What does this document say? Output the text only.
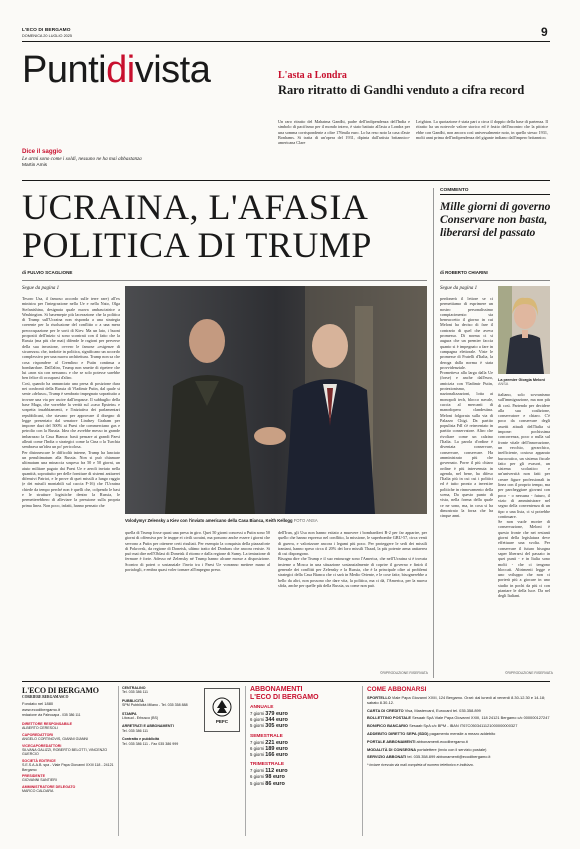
L'ECO DI BERGAMO
DOMENICA 20 LUGLIO 2025	9
Puntidivista
Dice il saggio
Le armi sono come i soldi, nessuno ne ha mai abbastanza
Martin Amis
L'asta a Londra
Raro ritratto di Gandhi venduto a cifra record
Un raro ritratto del Mahatma Gandhi, padre dell'indipendenza dell'India e simbolo di pacifismo per il mondo intero, è stato battuto all'asta a Londra per una somma corrispondente a oltre 176mila euro. Lo ha reso noto la casa d'aste Bonhams. Si tratta di un'opera del 1931, dipinta dall'artista britannico-americana Clare
Leighton. La quotazione è stata pari a circa il doppio della base di partenza. Il ritratto ha un notevole valore storico ed è frutto dell'incontro che la pittrice ebbe con Gandhi, non ancora così universalmente noto, in quello stesso 1931, molti anni prima dell'indipendenza del gigante indiano dall'impero britannico.
UCRAINA, L'AFASIA
POLITICA DI TRUMP
di FULVIO SCAGLIONE
Segue da pagina 1
Tesoro Usa, il famoso accordo sulle terre rare) all'ex ministra per l'integrazione nella Ue e nella Nato, Olga Stefanishina, designata quale nuova ambasciatrice a Washington. Si basemepie più lacerazione che la politica di Trump sull'Ucraina non risponda a una strategia coerente per la risoluzione del conflitto o a una mera preoccupazione per le sorti di Kiev. Ma un lato, i buoni propositi dell'inizio si sono scontrati con il fatto che la Russia (ma più che mai) difende le ragioni per perverse della sua invasione, ovvero le famose «esigenze di sicurezza» che, tradotte in politica, significano un accordo complessivo per una nuova architettura. Trump non sa che cosa rispondere al Cremlino e Putin continua a bombardare. Dall'altro, Trump non smette di ripetere che lui «non sta con nessuno» e che se solo potesse sarebbe ben felice di occuparsi d'altro.
Così, quando ha annunciato una presa di posizione dura nei confronti della Russia di Vladimir Putin, dal quale si sente «deluso», Trump è sembrato impegnato soprattutto a trovare una via per uscire dall'impasse. Il subbuglio della base Maga, che vorrebbe la verità sul «caso Epstein» e sospetta insabbiamenti, e l'iniziativa dei parlamentari repubblicani, che stavano per approvare il disegno di legge presentato dal senatore Lindsey Graham per imporre dazi del 500% ai Paesi che commerciano gas e petrolio con la Russia. Idea che avrebbe messo in grande imbarazzo la Casa Bianca: basti pensare ai grandi Paesi alleati come l'India o strategici come la Cina o la Turchia sembrava un'idea un po' pericolosa.
Per disinnescare le difficoltà interne, Trump ha lanciato un penultimatum alla Russia. Non si può chiamare ultimatum una minaccia sospesa fra 50 e 50 giorni, un aiuto militare pagato dai Paesi Ue e aeroli inviato nella quantità, soprattutto per delle forniture di sistemi antiaerei difensivi Patriot, e le prove di quei missili a lungo raggio (e dei missili montabili sul caccia F-16) che l'Ucraina chiede da tempo perché non è quelli che, colpendo le basi e le strutture logistiche dentro la Russia, le permetterebbero di alleviare la pressione sulla propria prima linea. Non poco, infatti, hanno pensato che
Volodymyr Zelensky a Kiev con l'inviato americano della Casa Bianca, Keith Kellogg FOTO ANSA
quella di Trump fosse quasi una presa in giro. Quei 50 giorni concessi a Putin sono 50 giorni di offensiva per le truppe ei civili ucraini, ma possono anche essere i giorni che servono a Putin per ottenere certi risultati. Per esempio la conquista della piazzaforte di Pokrovsk, da regione di Donetsk, ultimo tratto del Donbass che ancora resiste. Si può mai dire nell'Oblast di Donetsk il ritorno e dalla regione di Sumy. La tentazione di fermare è forte. Adesso né Zelensky né Trump hanno alcune mosse a disposizione. Scontro di poteri o sostanziale l'invio tra i Paesi Ue vorranno mettere mano al portafogli, e embra quasi voler tornare all'impegno preso.
dell'Iran, gli Usa non hanno esitato a muovere i bombardieri B-2 per far apparire, per quello che hanno espresso nel conflitto, la missione, le superbombe GBU-57, circa venti di guerra, e valorizzare ancora i legami più poco. Per proteggere le sedi dei missili iraniani, hanno speso circa il 20% dei loro missili Thaad, la più potente arma antiaerea di cui dispongono.
Bisogna dire che Trump e il suo entourage sono l'America, che nell'Ucraina si è trovata insieme a Mosca in una situazione sostanzialmente di coprire il governo e finirà il generale dei conflitti per Zelensky e la Russia, che è la principale oltre ai problemi strategici della Casa Bianca che ci sarà in Medio Oriente, e le cose fatte, bisognerebbe a bello da altri, non possono che dare vita, la politica, ma ci dà, l'America, per la nuova sfida, anche per quelle più della Russia, su come non può.
©RIPRODUZIONE RISERVATA
COMMENTO
Mille giorni di governo Conservare non basta, liberarsi del passato
di ROBERTO CHIARINI
Segue da pagina 1
perdonerà il lettore se ci permettiamo di esprimere un nostro personalissimo compiacimento: sia beneaccetto il giorno in cui Meloni ha deciso di fare il contrario di quel che aveva promesso. Di norma ci si augura che un premier faccia quanto si è impegnato a fare in campagna elettorale. Viste le promesse di Fratelli d'Italia, la deroga dalla norma è stata provvidenziale.
Prometteva alla larga dalla Ue (forse) e anche dall'euro, amicizia con Vladimir Putin, protezionismo, nazionalizzazioni, lotta ai monopoli tech, blocco navale, caccia al mercanti di manodopera clandestina. Meloni folgorata sulla via di Palazzo Chigi. Da partito populista FdI s'è reinventato in partito conservatore. Altro che rivoltare come un calzino l'Italia. La parola d'ordine è diventata conservare, conservare, conservare. Ha amministrato più che governato. Porre il più chiaro ordine è più intervenuta in agenda, nel bene, ha difeso l'Italia più in cui cui i politici ed è tutto pronto a investire politiche in rinnovamento della scena, Da questo punto di vista, nella forma della quale ce ne sono, ma, in cosa si ha dimostrato la forza che ha cinque anni.
La premier Giorgia Meloni ANSA
italiano, solo sovranismo sull'immigrazione, ma non più di così. Partendo per decidere alla sua coalizione, conservatore e chiaro. C'è poco da conservare degli assetti attuali dell'Italia si impone: pochissima concorrenza, poco o nulla sul fronte vitale dell'innovazione, un vecchio, gerarchico, inefficiente, costoso apparato burocratico, un sistema fiscale fatto per gli evasori, un sistema scolastico e un'università non fatti per creare figure professionali in linea con il proprio tempo, ma per parcheggiare giovani con poco - o nessuna - futuro, il vizio di amministrare nel segno della convenienza di un tipo o una lista, ci si potrebbe continuare.
Se non vuole morire di conservazione, Meloni è questo fronte che nei restanti giorni della legislatura deve effettuare una svolta. Per conservare il futuro bisogna saper liberarsi del passato in quei punti - e in Italia sono molti - che ci tengono bloccati. Altrimenti legge e uno sviluppo che non ci porterà più a giocare in uno studio in pochi da più ci con piantare le della luce. Da nel degli Italiani.
©RIPRODUZIONE RISERVATA
L'ECO DI BERGAMO
CORRIERE BERGAMASCO
Fondato nel 1880
www.ecodibergamo.it
redazione via Paleocapa - 035 386 111
DIRETTORE RESPONSABILE
ALBERTO CERESOLI
CAPOREDATTORI
ANGELO CORTINOVIS, GIANNI GIANNI
VICECAPOREDATTORI
SILVANA GALIZZI, ROBERTO BELOTTI, VINCENZO GUERCIO
SOCIETÀ EDITRICE
S.E.S.A.A.B. spa - Viale Papa Giovanni XXIII 118 - 24121 Bergamo
PRESIDENTE
GIOVANNI SANTIERI
AMMINISTRATORE DELEGATO
MARCO CALDARA
CENTRALINO
Tel. 035 386 111
PUBBLICITÀ
SPM Pubblicità Milano - Tel. 035 358 888
STAMPA
Litosud - Erbusco (BS)
ARRETRATI E ABBONAMENTI
Tel. 035 386 111
Contratto e pubblicità
Tel. 035 386 111 - Fax 035 386 999
PEFC
ABBONAMENTI
L'ECO DI BERGAMO
ANNUALE
7 giorni 379 euro
6 giorni 344 euro
5 giorni 305 euro
SEMESTRALE
7 giorni 221 euro
6 giorni 189 euro
5 giorni 166 euro
TRIMESTRALE
7 giorni 112 euro
6 giorni 98 euro
5 giorni 86 euro
COME ABBONARSI
SPORTELLO Viale Papa Giovanni XXIII, 124 Bergamo. Orari: dal lunedì al venerdì 8.30-12.30 e 14-18; sabato 8.30-12.
CARTA DI CREDITO Visa, Mastercard, Eurocard tel. 035.358.899
BOLLETTINO POSTALE Sesaab SpA Viale Papa Giovanni XXIII, 118 24121 Bergamo c/c 000000127247
BONIFICO BANCARIO Sesaab SpA c/c BPM - IBAN IT67C0503411121000000000327
ADDEBITO DIRETTO SEPA (SDD) pagamento mensile a mezzo addebito
PORTALE ABBONAMENTI abbonamenti.ecodibergamo.it
MODALITÀ DI CONSEGNA portalettere (invio con il servizio postale)
SERVIZIO ABBONATI tel. 035.358.899 abbonamenti@ecodibergamo.it
* inviare ricevuta via mail completa di numero telefonico e indirizzo.
